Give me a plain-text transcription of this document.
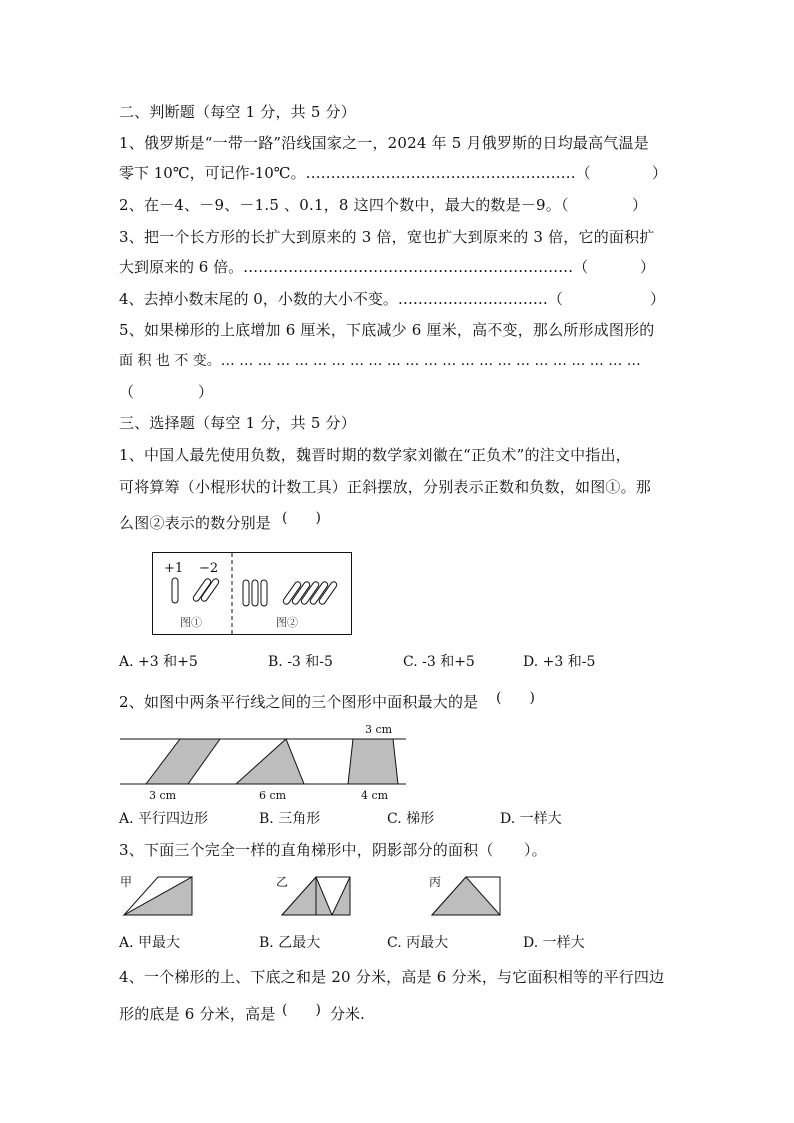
二、判断题（每空 1 分，共 5 分）
1、俄罗斯是“一带一路”沿线国家之一，2024 年 5 月俄罗斯的日均最高气温是
零下 10℃，可记作-10℃。………………………………………………（	）
2、在－4、－9、－1.5 、0.1，8 这四个数中，最大的数是－9。（	）
3、把一个长方形的长扩大到原来的 3 倍，宽也扩大到原来的 3 倍，它的面积扩
大到原来的 6 倍。…………………………………………………………（	）
4、去掉小数末尾的 0，小数的大小不变。…………………………（	）
5、如果梯形的上底增加 6 厘米，下底减少 6 厘米，高不变，那么所形成图形的
面 积 也 不 变。… … … … … … … … … … … … … … … … … … … … … … …
（	）
三、选择题（每空 1 分，共 5 分）
1、中国人最先使用负数，魏晋时期的数学家刘徽在“正负术”的注文中指出，
可将算筹（小棍形状的计数工具）正斜摆放，分别表示正数和负数，如图①。那
么图②表示的数分别是 (　　)
+1 −2
图①	图②
A. +3 和+5	B. -3 和-5	C. -3 和+5	D. +3 和-5
2、如图中两条平行线之间的三个图形中面积最大的是 (　　)
3 cm
3 cm	6 cm	4 cm
A. 平行四边形	B. 三角形	C. 梯形	D. 一样大
3、下面三个完全一样的直角梯形中，阴影部分的面积（　　）。
甲	乙	丙
A. 甲最大	B. 乙最大	C. 丙最大	D. 一样大
4、一个梯形的上、下底之和是 20 分米，高是 6 分米，与它面积相等的平行四边
形的底是 6 分米，高是 (　　) 分米.
